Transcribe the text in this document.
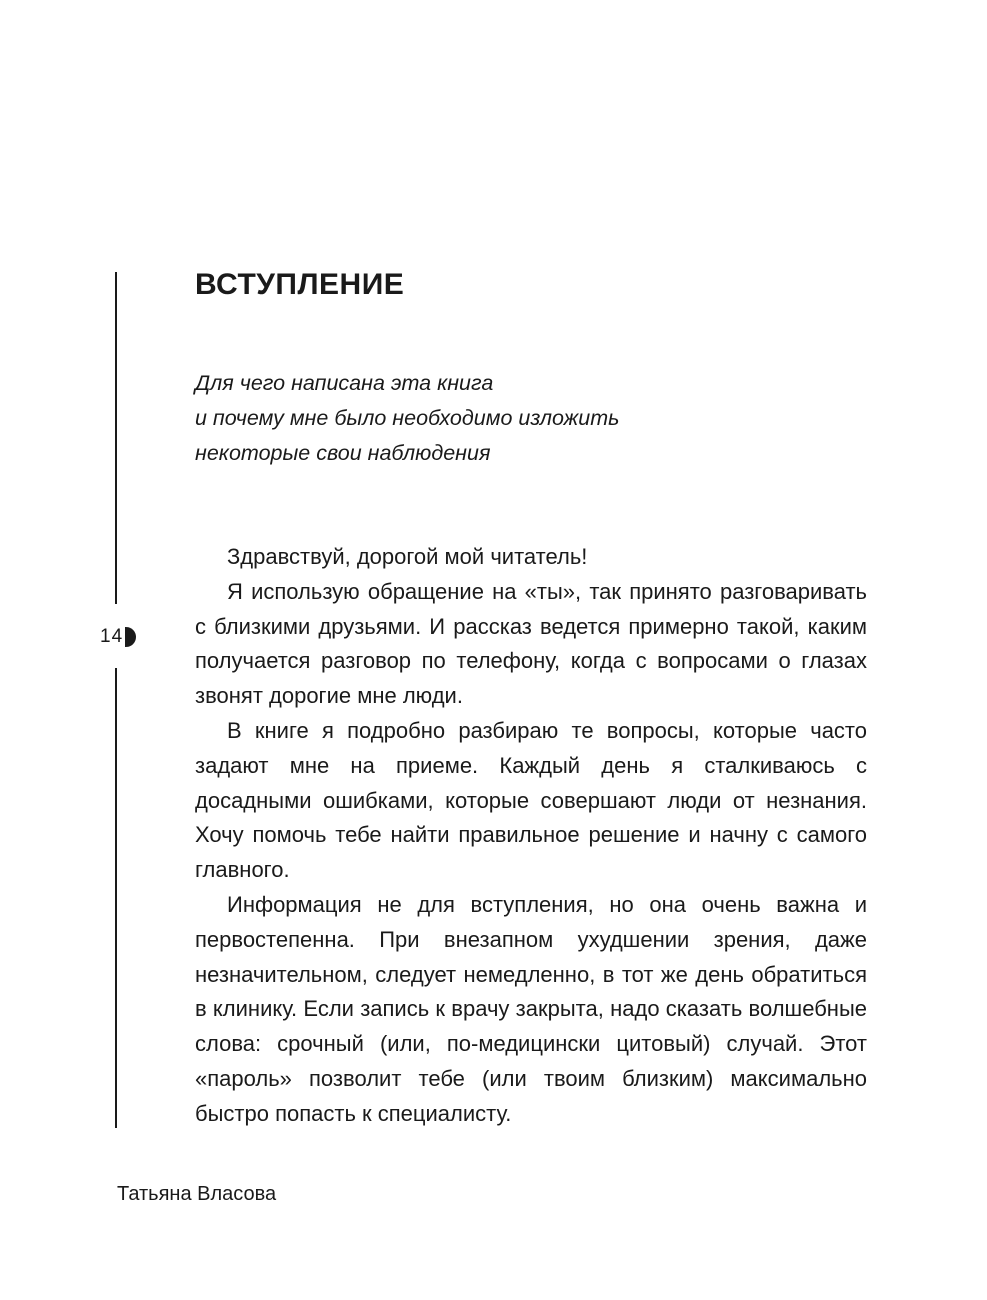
14
ВСТУПЛЕНИЕ
Для чего написана эта книга
и почему мне было необходимо изложить
некоторые свои наблюдения

Здравствуй, дорогой мой читатель!

Я использую обращение на «ты», так принято разговаривать с близкими друзьями. И рассказ ведется примерно такой, каким получается разговор по телефону, когда с вопросами о глазах звонят дорогие мне люди.

В книге я подробно разбираю те вопросы, которые часто задают мне на приеме. Каждый день я сталкиваюсь с досадными ошибками, которые совершают люди от незнания. Хочу помочь тебе найти правильное решение и начну с самого главного.

Информация не для вступления, но она очень важна и первостепенна. При внезапном ухудшении зрения, даже незначительном, следует немедленно, в тот же день обратиться в клинику. Если запись к врачу закрыта, надо сказать волшебные слова: срочный (или, по-медицински цитовый) случай. Этот «пароль» позволит тебе (или твоим близким) максимально быстро попасть к специалисту.

Татьяна Власова
